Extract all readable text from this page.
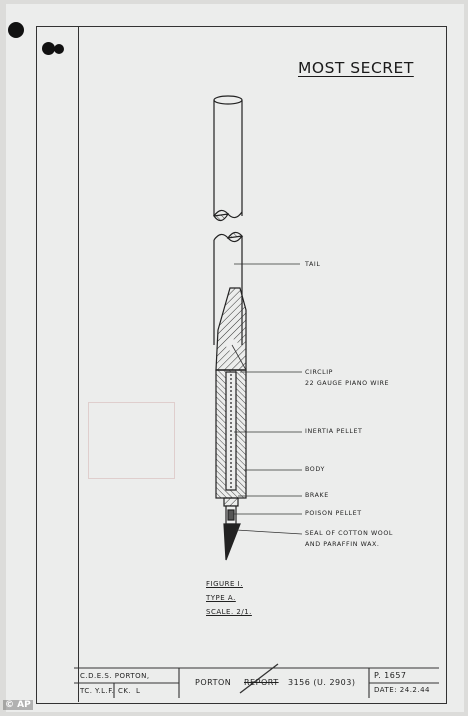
MOST SECRET
TAIL
CIRCLIP
22 GAUGE PIANO WIRE
INERTIA PELLET
BODY
BRAKE
POISON PELLET
SEAL OF COTTON WOOL
AND PARAFFIN WAX.
FIGURE I.
TYPE A.
SCALE. 2/1.
C.D.E.S. PORTON,
TC. Y.L.F. CK. L
PORTON REPORT 3156 (U. 2903)
P. 1657
DATE: 24.2.44
© AP
